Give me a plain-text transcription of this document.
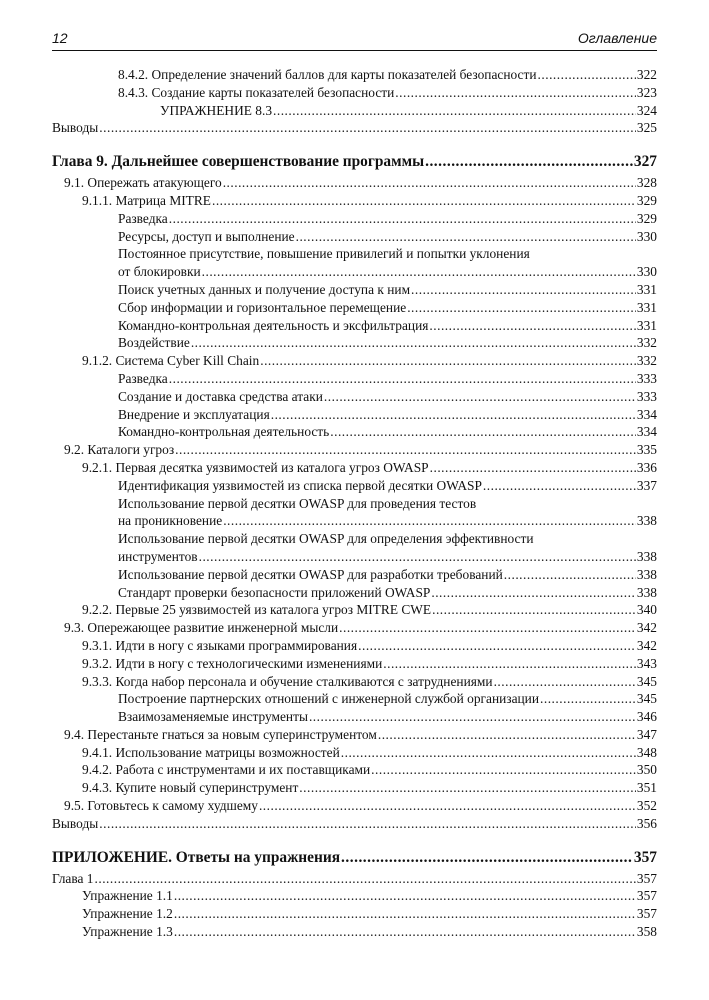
12	Оглавление
8.4.2. Определение значений баллов для карты показателей безопасности .....	322
8.4.3. Создание карты показателей безопасности .....	323
УПРАЖНЕНИЕ 8.3 .....	324
Выводы .....	325
Глава 9. Дальнейшее совершенствование программы .....	327
9.1. Опережать атакующего .....	328
9.1.1. Матрица MITRE .....	329
Разведка .....	329
Ресурсы, доступ и выполнение .....	330
Постоянное присутствие, повышение привилегий и попытки уклонения
от блокировки .....	330
Поиск учетных данных и получение доступа к ним .....	331
Сбор информации и горизонтальное перемещение .....	331
Командно-контрольная деятельность и эксфильтрация .....	331
Воздействие .....	332
9.1.2. Система Cyber Kill Chain .....	332
Разведка .....	333
Создание и доставка средства атаки .....	333
Внедрение и эксплуатация .....	334
Командно-контрольная деятельность .....	334
9.2. Каталоги угроз .....	335
9.2.1. Первая десятка уязвимостей из каталога угроз OWASP .....	336
Идентификация уязвимостей из списка первой десятки OWASP .....	337
Использование первой десятки OWASP для проведения тестов
на проникновение .....	338
Использование первой десятки OWASP для определения эффективности
инструментов .....	338
Использование первой десятки OWASP для разработки требований .....	338
Стандарт проверки безопасности приложений OWASP .....	338
9.2.2. Первые 25 уязвимостей из каталога угроз MITRE CWE .....	340
9.3. Опережающее развитие инженерной мысли .....	342
9.3.1. Идти в ногу с языками программирования .....	342
9.3.2. Идти в ногу с технологическими изменениями .....	343
9.3.3. Когда набор персонала и обучение сталкиваются с затруднениями .....	345
Построение партнерских отношений с инженерной службой организации .....	345
Взаимозаменяемые инструменты .....	346
9.4. Перестаньте гнаться за новым суперинструментом .....	347
9.4.1. Использование матрицы возможностей .....	348
9.4.2. Работа с инструментами и их поставщиками .....	350
9.4.3. Купите новый суперинструмент .....	351
9.5. Готовьтесь к самому худшему .....	352
Выводы .....	356
ПРИЛОЖЕНИЕ. Ответы на упражнения .....	357
Глава 1 .....	357
Упражнение 1.1 .....	357
Упражнение 1.2 .....	357
Упражнение 1.3 .....	358
